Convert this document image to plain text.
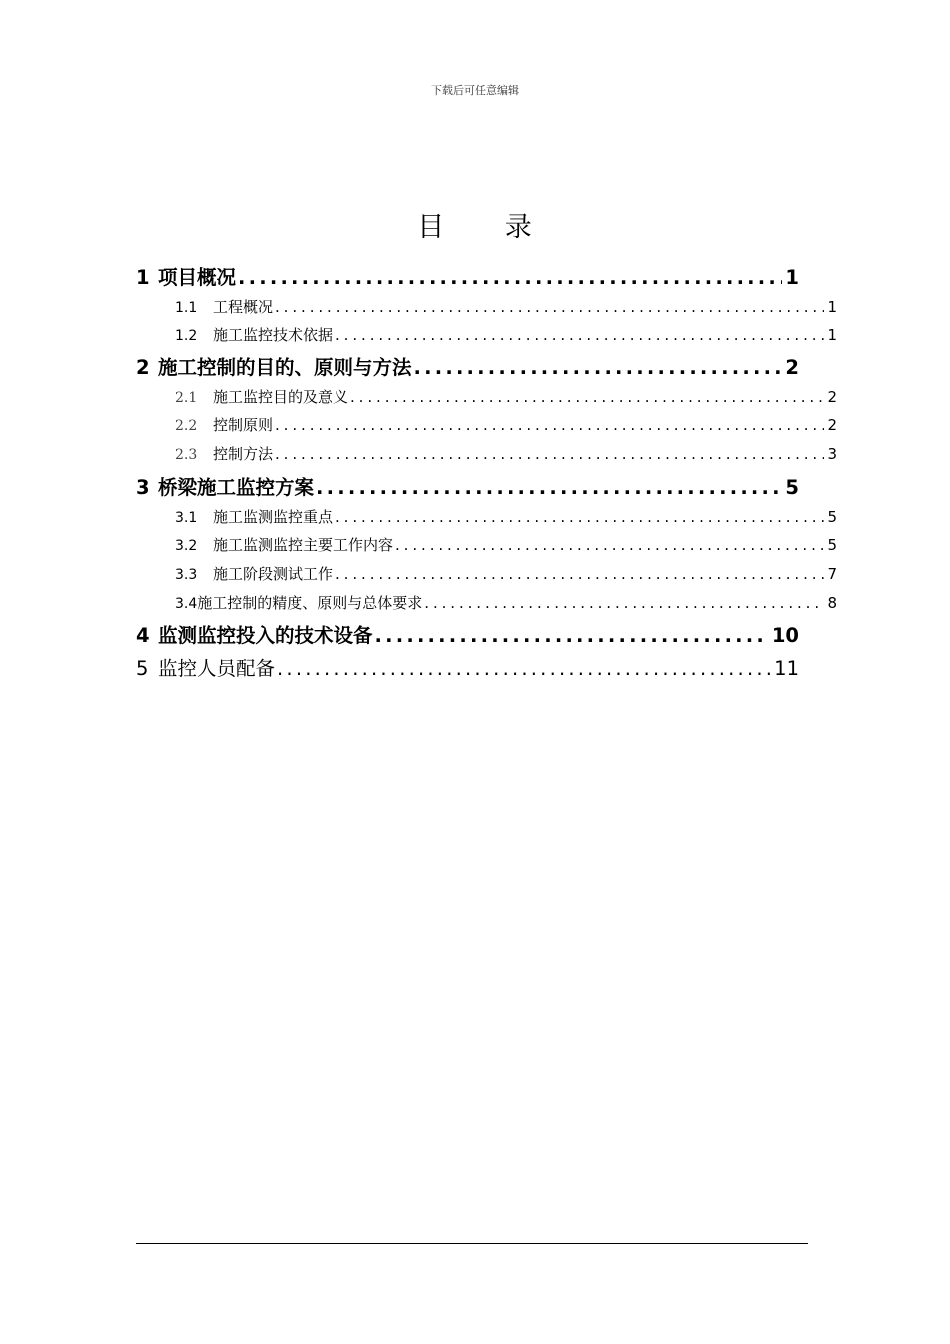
下载后可任意编辑
目 录
1 项目概况 .....	1
1.1	工程概况 .....	1
1.2	施工监控技术依据 .....	1
2 施工控制的目的、原则与方法 .....	2
2.1	施工监控目的及意义 .....	2
2.2	控制原则 .....	2
2.3	控制方法 .....	3
3 桥梁施工监控方案 .....	5
3.1	施工监测监控重点 .....	5
3.2	施工监测监控主要工作内容 .....	5
3.3	施工阶段测试工作 .....	7
3.4 施工控制的精度、原则与总体要求 .....	8
4 监测监控投入的技术设备 .....	10
5 监控人员配备 .....	11
